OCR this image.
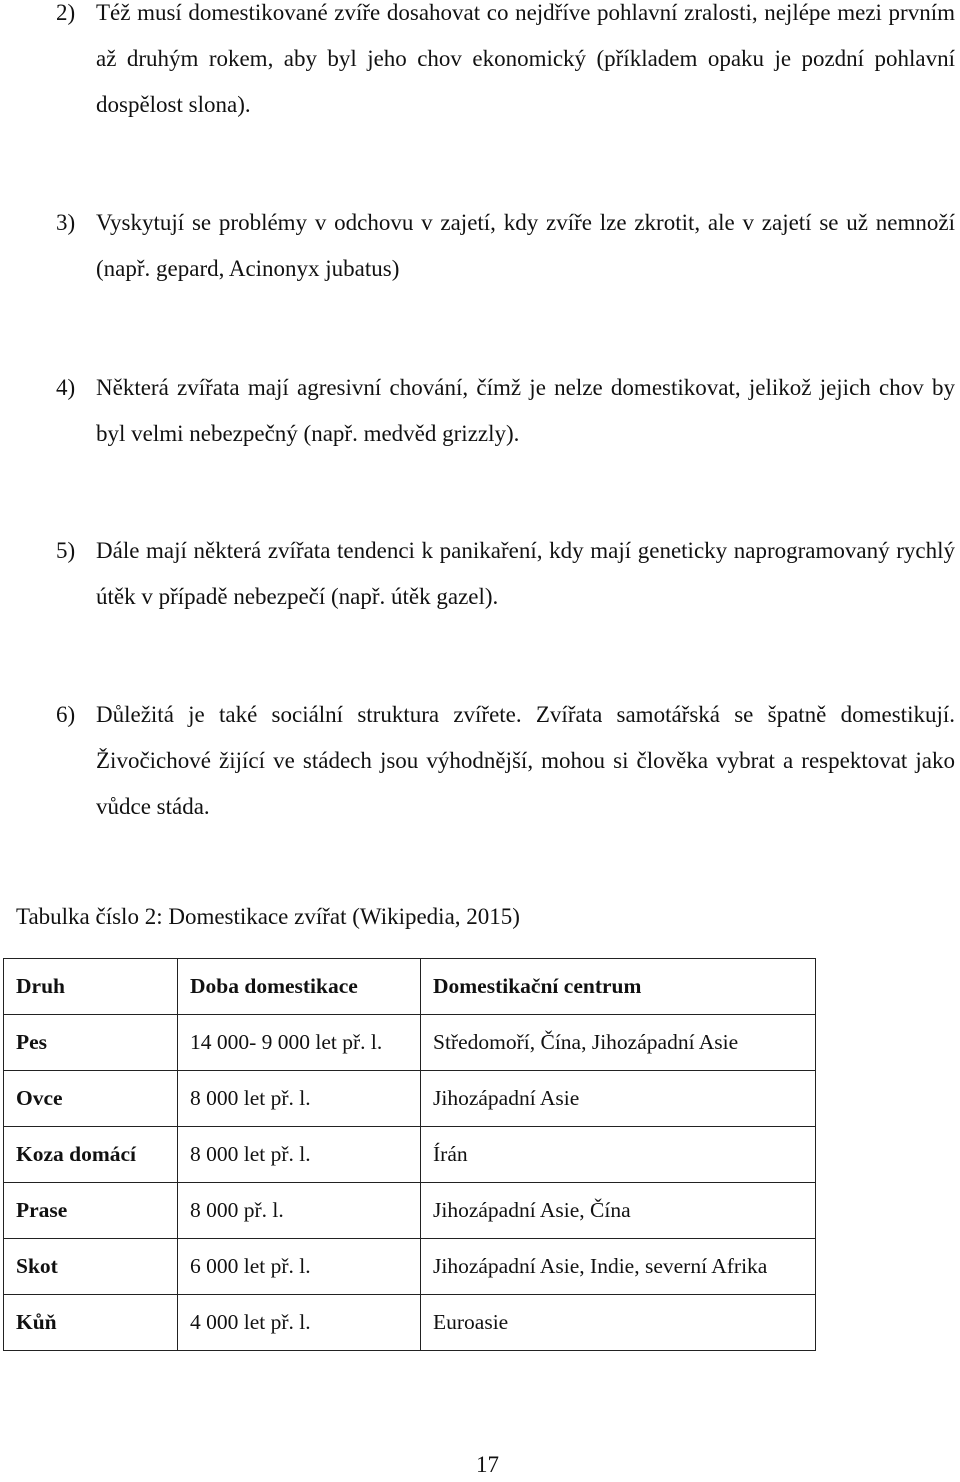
2) Též musí domestikované zvíře dosahovat co nejdříve pohlavní zralosti, nejlépe mezi prvním až druhým rokem, aby byl jeho chov ekonomický (příkladem opaku je pozdní pohlavní dospělost slona).
3) Vyskytují se problémy v odchovu v zajetí, kdy zvíře lze zkrotit, ale v zajetí se už nemnoží (např. gepard, Acinonyx jubatus)
4) Některá zvířata mají agresivní chování, čímž je nelze domestikovat, jelikož jejich chov by byl velmi nebezpečný (např. medvěd grizzly).
5) Dále mají některá zvířata tendenci k panikaření, kdy mají geneticky naprogramovaný rychlý útěk v případě nebezpečí (např. útěk gazel).
6) Důležitá je také sociální struktura zvířete. Zvířata samotářská se špatně domestikují. Živočichové žijící ve stádech jsou výhodnější, mohou si člověka vybrat a respektovat jako vůdce stáda.
Tabulka číslo 2: Domestikace zvířat (Wikipedia, 2015)
Druh	Doba domestikace	Domestikační centrum
Pes	14 000- 9 000 let př. l.	Středomoří, Čína, Jihozápadní Asie
Ovce	8 000 let př. l.	Jihozápadní Asie
Koza domácí	8 000 let př. l.	Írán
Prase	8 000 př. l.	Jihozápadní Asie, Čína
Skot	6 000 let př. l.	Jihozápadní Asie, Indie, severní Afrika
Kůň	4 000 let př. l.	Euroasie
17
